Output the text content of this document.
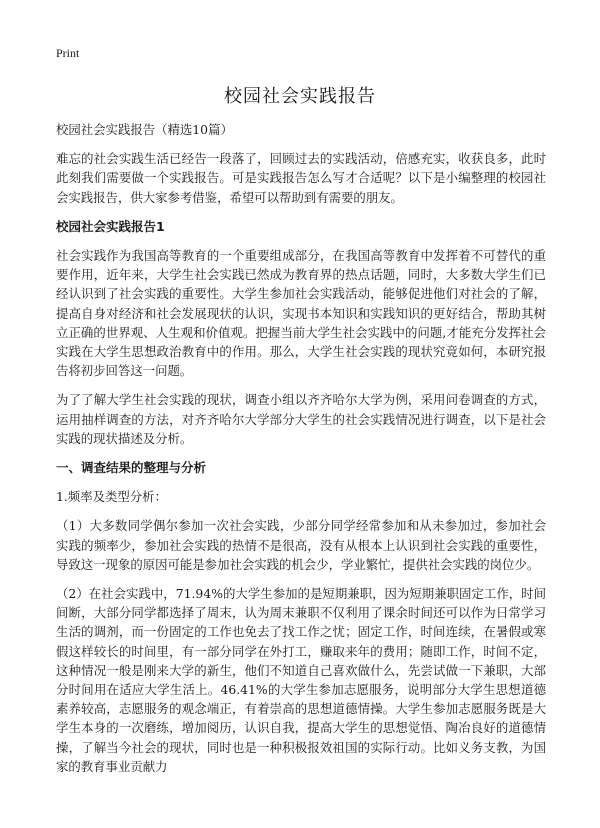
Print
校园社会实践报告

校园社会实践报告（精选10篇）

难忘的社会实践生活已经告一段落了，回顾过去的实践活动，倍感充实，收获良多，此时此刻我们需要做一个实践报告。可是实践报告怎么写才合适呢？以下是小编整理的校园社会实践报告，供大家参考借鉴，希望可以帮助到有需要的朋友。

校园社会实践报告1

社会实践作为我国高等教育的一个重要组成部分，在我国高等教育中发挥着不可替代的重要作用，近年来，大学生社会实践已然成为教育界的热点话题，同时，大多数大学生们已经认识到了社会实践的重要性。大学生参加社会实践活动，能够促进他们对社会的了解，提高自身对经济和社会发展现状的认识，实现书本知识和实践知识的更好结合，帮助其树立正确的世界观、人生观和价值观。把握当前大学生社会实践中的问题,才能充分发挥社会实践在大学生思想政治教育中的作用。那么，大学生社会实践的现状究竟如何，本研究报告将初步回答这一问题。

为了了解大学生社会实践的现状，调查小组以齐齐哈尔大学为例，采用问卷调查的方式，运用抽样调查的方法，对齐齐哈尔大学部分大学生的社会实践情况进行调查，以下是社会实践的现状描述及分析。

一、调查结果的整理与分析

1.频率及类型分析：

（1）大多数同学偶尔参加一次社会实践，少部分同学经常参加和从未参加过，参加社会实践的频率少，参加社会实践的热情不是很高，没有从根本上认识到社会实践的重要性，导致这一现象的原因可能是参加社会实践的机会少，学业繁忙，提供社会实践的岗位少。

（2）在社会实践中，71.94%的大学生参加的是短期兼职，因为短期兼职固定工作，时间间断，大部分同学都选择了周末，认为周末兼职不仅利用了课余时间还可以作为日常学习生活的调剂，而一份固定的工作也免去了找工作之忧；固定工作，时间连续，在暑假或寒假这样较长的时间里，有一部分同学在外打工，赚取来年的费用；随即工作，时间不定，这种情况一般是刚来大学的新生，他们不知道自己喜欢做什么，先尝试做一下兼职，大部分时间用在适应大学生活上。46.41%的大学生参加志愿服务，说明部分大学生思想道德素养较高，志愿服务的观念端正，有着崇高的思想道德情操。大学生参加志愿服务既是大学生本身的一次磨练，增加阅历，认识自我，提高大学生的思想觉悟、陶冶良好的道德情操，了解当今社会的现状，同时也是一种积极报效祖国的实际行动。比如义务支教，为国家的教育事业贡献力
